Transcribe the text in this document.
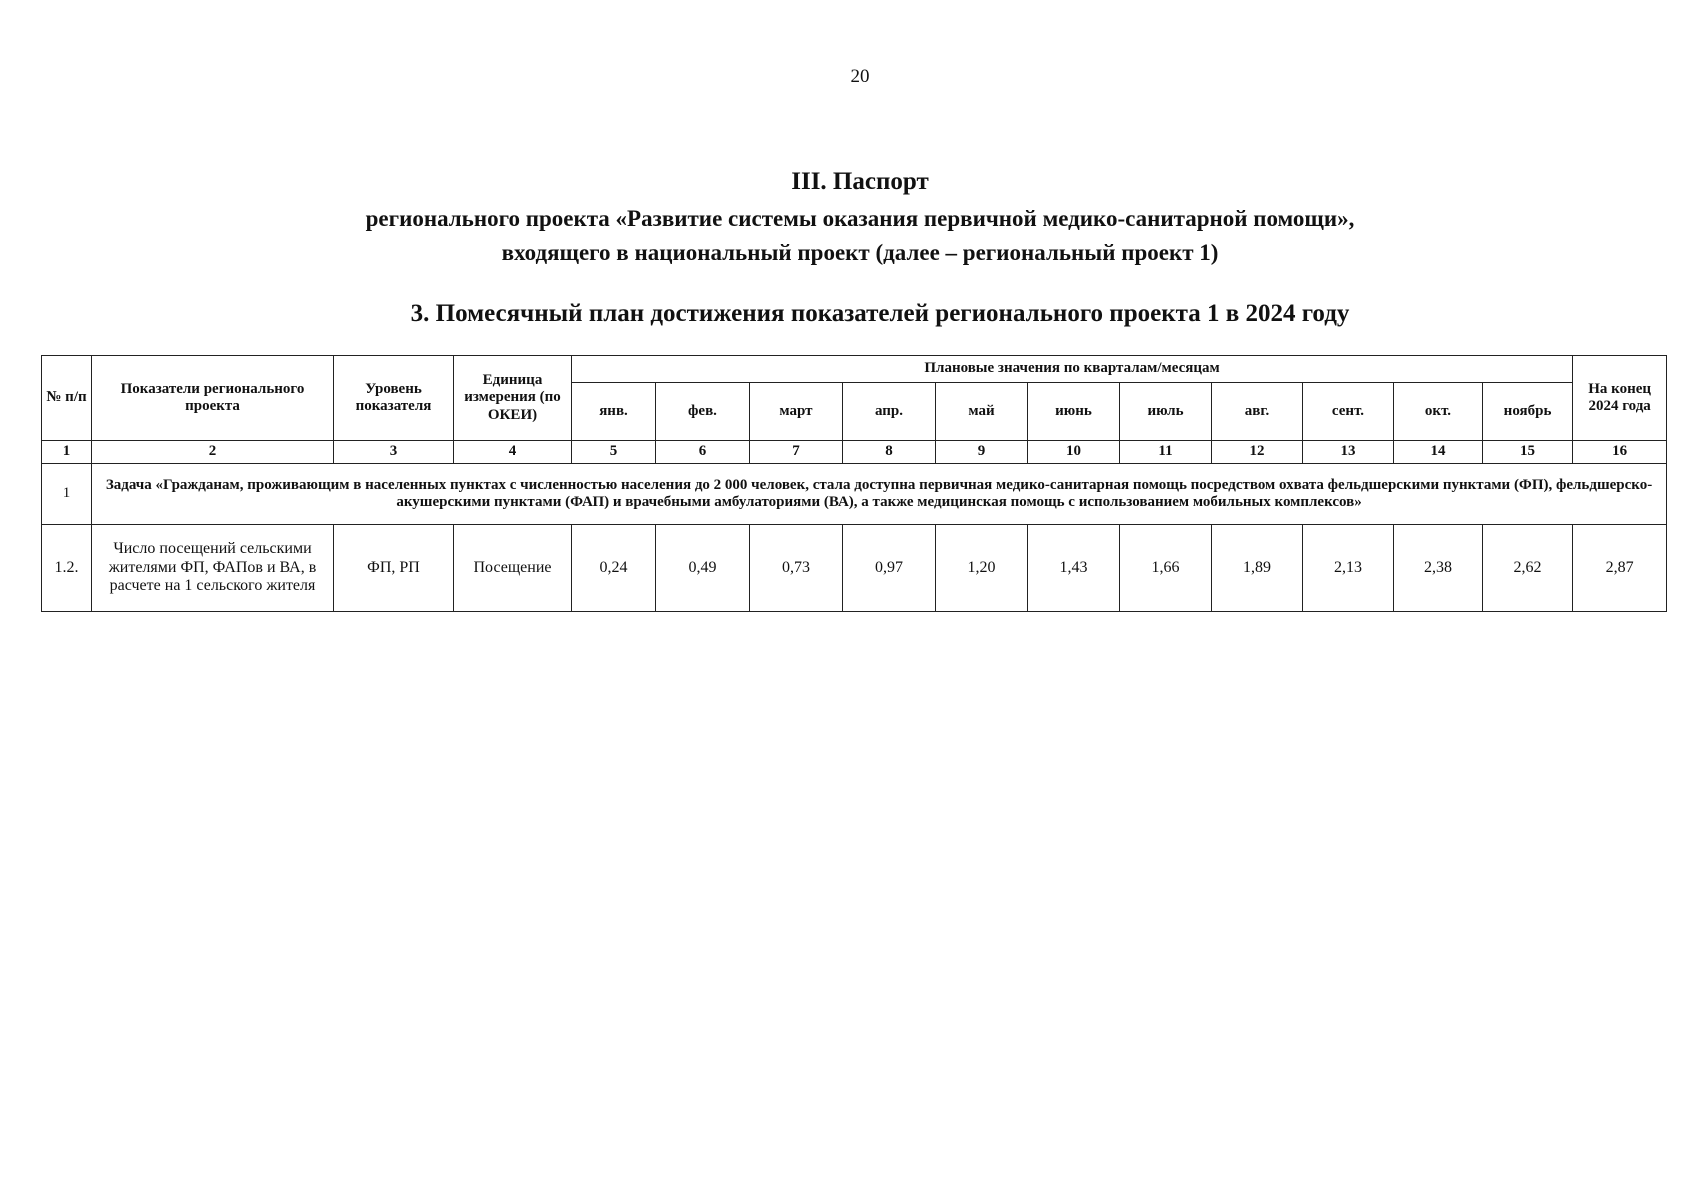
20
III. Паспорт
регионального проекта «Развитие системы оказания первичной медико-санитарной помощи»,
входящего в национальный проект (далее – региональный проект 1)
3. Помесячный план достижения показателей регионального проекта 1 в 2024 году
№ п/п	Показатели регионального проекта	Уровень показателя	Единица измерения (по ОКЕИ)	Плановые значения по кварталам/месяцам											На конец 2024 года
				янв.	фев.	март	апр.	май	июнь	июль	авг.	сент.	окт.	ноябрь	
1	2	3	4	5	6	7	8	9	10	11	12	13	14	15	16
1	Задача «Гражданам, проживающим в населенных пунктах с численностью населения до 2 000 человек, стала доступна первичная медико-санитарная помощь посредством охвата фельдшерскими пунктами (ФП), фельдшерско-акушерскими пунктами (ФАП) и врачебными амбулаториями (ВА), а также медицинская помощь с использованием мобильных комплексов»														
1.2.	Число посещений сельскими жителями ФП, ФАПов и ВА, в расчете на 1 сельского жителя	ФП, РП	Посещение	0,24	0,49	0,73	0,97	1,20	1,43	1,66	1,89	2,13	2,38	2,62	2,87
